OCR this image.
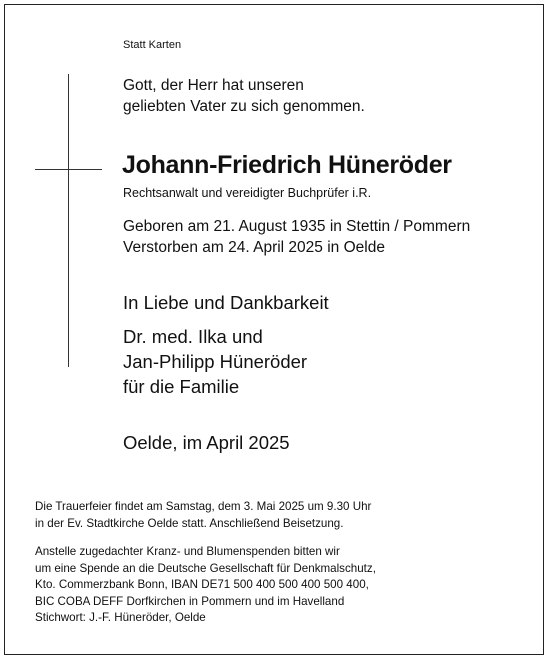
Statt Karten

Gott, der Herr hat unseren
geliebten Vater zu sich genommen.

Johann-Friedrich Hüneröder

Rechtsanwalt und vereidigter Buchprüfer i.R.

Geboren am 21. August 1935 in Stettin / Pommern
Verstorben am 24. April 2025 in Oelde

In Liebe und Dankbarkeit

Dr. med. Ilka und
Jan-Philipp Hüneröder
für die Familie

Oelde, im April 2025

Die Trauerfeier findet am Samstag, dem 3. Mai 2025 um 9.30 Uhr
in der Ev. Stadtkirche Oelde statt. Anschließend Beisetzung.
Anstelle zugedachter Kranz- und Blumenspenden bitten wir
um eine Spende an die Deutsche Gesellschaft für Denkmalschutz,
Kto. Commerzbank Bonn, IBAN DE71 500 400 500 400 500 400,
BIC COBA DEFF Dorfkirchen in Pommern und im Havelland
Stichwort: J.-F. Hüneröder, Oelde
